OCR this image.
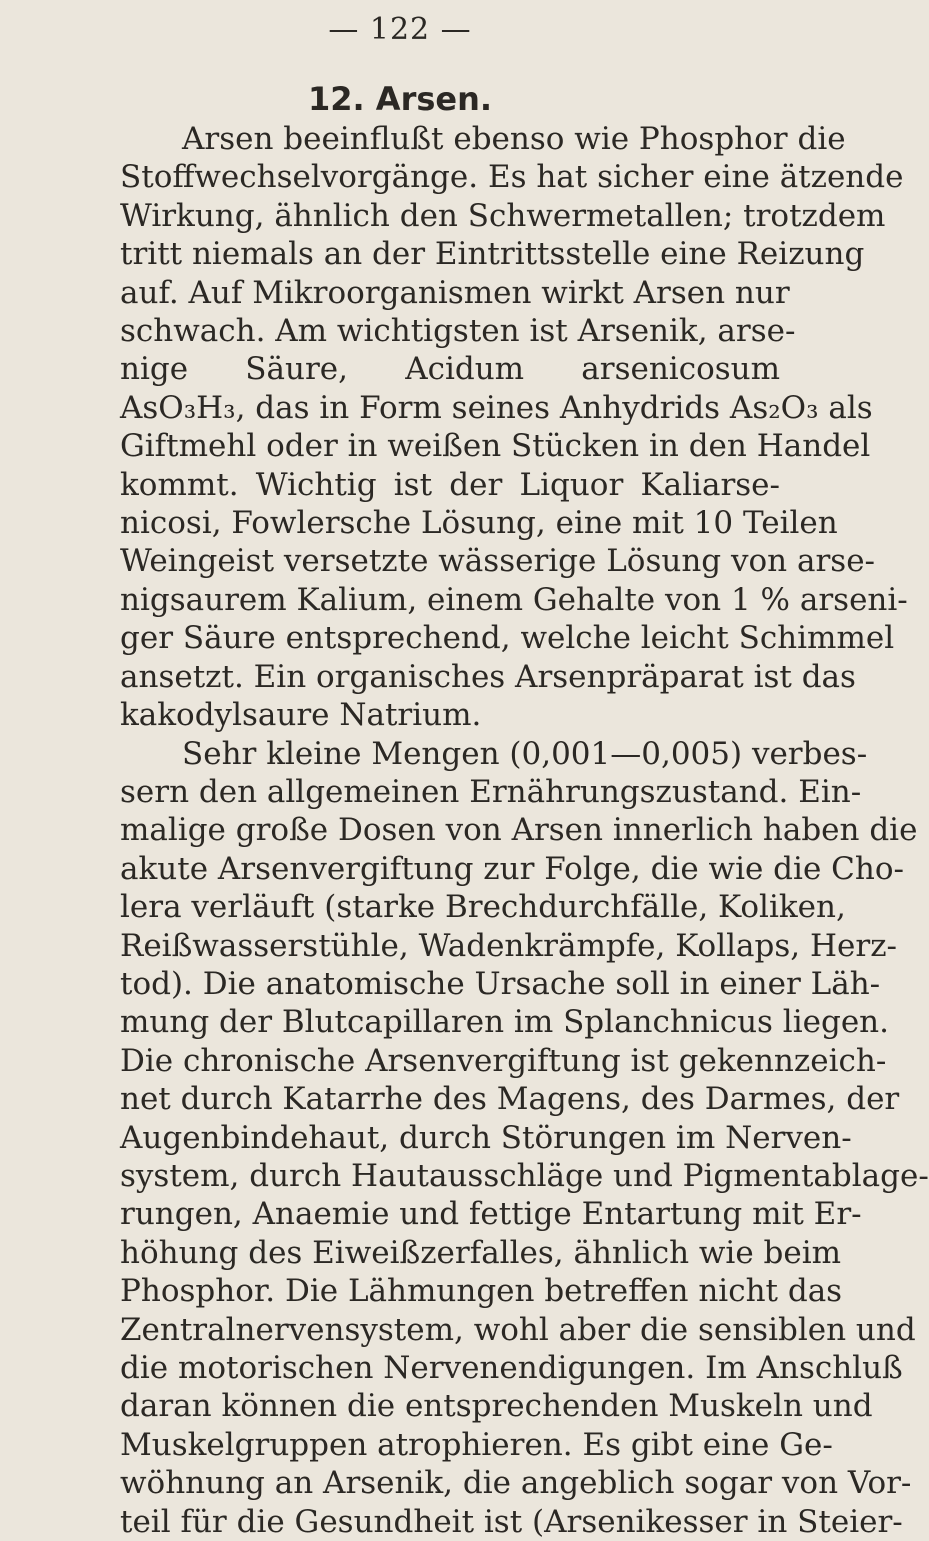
— 122 —
12. Arsen.
Arsen beeinflußt ebenso wie Phosphor die
Stoffwechselvorgänge. Es hat sicher eine ätzende
Wirkung, ähnlich den Schwermetallen; trotzdem
tritt niemals an der Eintrittsstelle eine Reizung
auf. Auf Mikroorganismen wirkt Arsen nur
schwach. Am wichtigsten ist Arsenik, arse-
nige Säure, Acidum arsenicosum
AsO₃H₃, das in Form seines Anhydrids As₂O₃ als
Giftmehl oder in weißen Stücken in den Handel
kommt. Wichtig ist der Liquor Kaliarse-
nicosi, Fowlersche Lösung, eine mit 10 Teilen
Weingeist versetzte wässerige Lösung von arse-
nigsaurem Kalium, einem Gehalte von 1 % arseni-
ger Säure entsprechend, welche leicht Schimmel
ansetzt. Ein organisches Arsenpräparat ist das
kakodylsaure Natrium.
Sehr kleine Mengen (0,001—0,005) verbes-
sern den allgemeinen Ernährungszustand. Ein-
malige große Dosen von Arsen innerlich haben die
akute Arsenvergiftung zur Folge, die wie die Cho-
lera verläuft (starke Brechdurchfälle, Koliken,
Reißwasserstühle, Wadenkrämpfe, Kollaps, Herz-
tod). Die anatomische Ursache soll in einer Läh-
mung der Blutcapillaren im Splanchnicus liegen.
Die chronische Arsenvergiftung ist gekennzeich-
net durch Katarrhe des Magens, des Darmes, der
Augenbindehaut, durch Störungen im Nerven-
system, durch Hautausschläge und Pigmentablage-
rungen, Anaemie und fettige Entartung mit Er-
höhung des Eiweißzerfalles, ähnlich wie beim
Phosphor. Die Lähmungen betreffen nicht das
Zentralnervensystem, wohl aber die sensiblen und
die motorischen Nervenendigungen. Im Anschluß
daran können die entsprechenden Muskeln und
Muskelgruppen atrophieren. Es gibt eine Ge-
wöhnung an Arsenik, die angeblich sogar von Vor-
teil für die Gesundheit ist (Arsenikesser in Steier-
